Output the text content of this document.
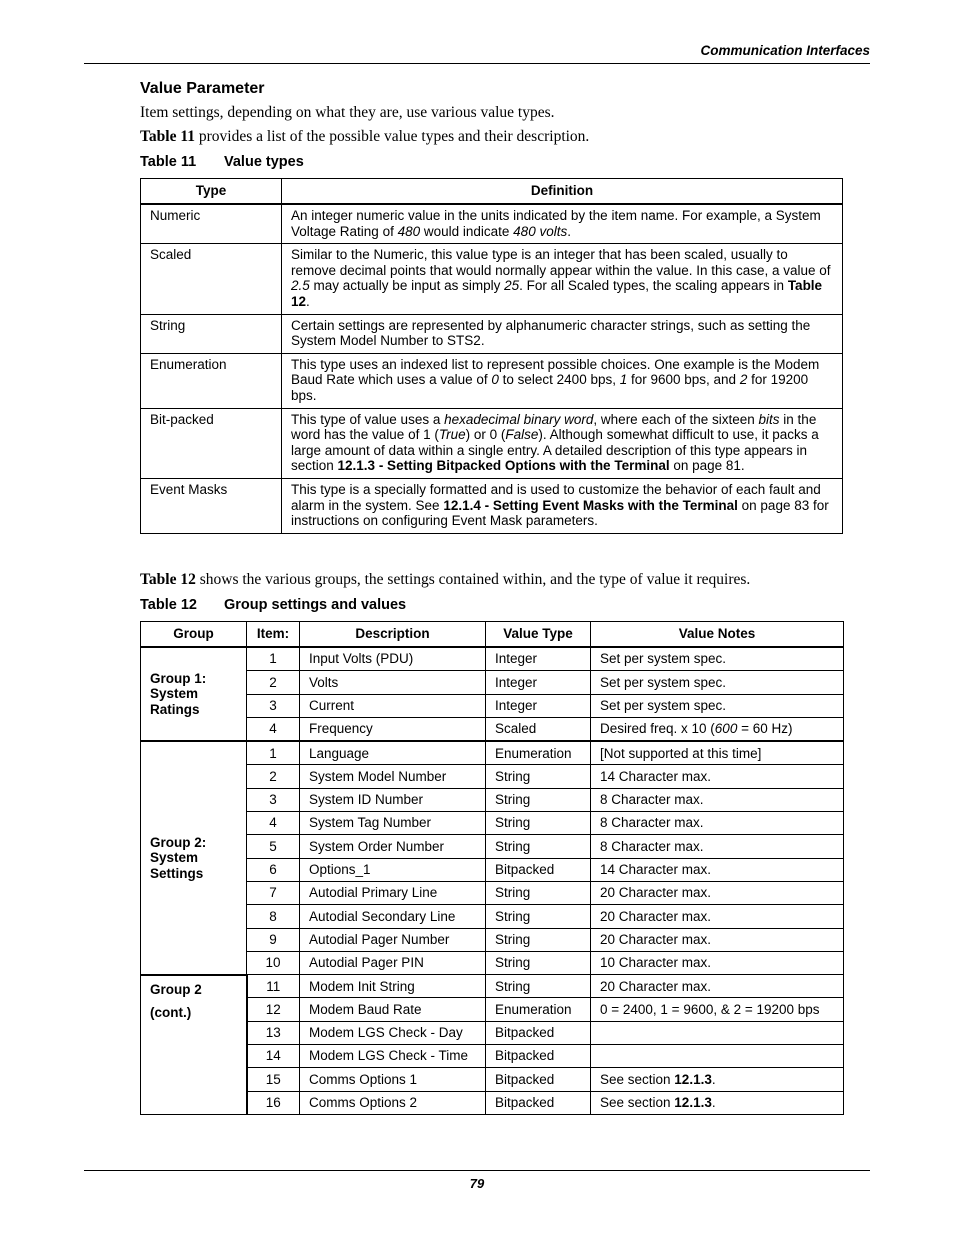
Communication Interfaces
Value Parameter
Item settings, depending on what they are, use various value types.
Table 11 provides a list of the possible value types and their description.
Table 11 Value types
Type	Definition
Numeric	An integer numeric value in the units indicated by the item name. For example, a System Voltage Rating of 480 would indicate 480 volts.
Scaled	Similar to the Numeric, this value type is an integer that has been scaled, usually to remove decimal points that would normally appear within the value. In this case, a value of 2.5 may actually be input as simply 25. For all Scaled types, the scaling appears in Table 12.
String	Certain settings are represented by alphanumeric character strings, such as setting the System Model Number to STS2.
Enumeration	This type uses an indexed list to represent possible choices. One example is the Modem Baud Rate which uses a value of 0 to select 2400 bps, 1 for 9600 bps, and 2 for 19200 bps.
Bit-packed	This type of value uses a hexadecimal binary word, where each of the sixteen bits in the word has the value of 1 (True) or 0 (False). Although somewhat difficult to use, it packs a large amount of data within a single entry. A detailed description of this type appears in section 12.1.3 - Setting Bitpacked Options with the Terminal on page 81.
Event Masks	This type is a specially formatted and is used to customize the behavior of each fault and alarm in the system. See 12.1.4 - Setting Event Masks with the Terminal on page 83 for instructions on configuring Event Mask parameters.
Table 12 shows the various groups, the settings contained within, and the type of value it requires.
Table 12 Group settings and values
Group	Item:	Description	Value Type	Value Notes
Group 1:
System
Ratings	1	Input Volts (PDU)	Integer	Set per system spec.
	2	Volts	Integer	Set per system spec.
	3	Current	Integer	Set per system spec.
	4	Frequency	Scaled	Desired freq. x 10 (600 = 60 Hz)
Group 2:
System
Settings	1	Language	Enumeration	[Not supported at this time]
	2	System Model Number	String	14 Character max.
	3	System ID Number	String	8 Character max.
	4	System Tag Number	String	8 Character max.
	5	System Order Number	String	8 Character max.
	6	Options_1	Bitpacked	14 Character max.
	7	Autodial Primary Line	String	20 Character max.
	8	Autodial Secondary Line	String	20 Character max.
	9	Autodial Pager Number	String	20 Character max.
	10	Autodial Pager PIN	String	10 Character max.
Group 2
(cont.)	11	Modem Init String	String	20 Character max.
	12	Modem Baud Rate	Enumeration	0 = 2400, 1 = 9600, & 2 = 19200 bps
	13	Modem LGS Check - Day	Bitpacked	
	14	Modem LGS Check - Time	Bitpacked	
	15	Comms Options 1	Bitpacked	See section 12.1.3.
	16	Comms Options 2	Bitpacked	See section 12.1.3.
79
